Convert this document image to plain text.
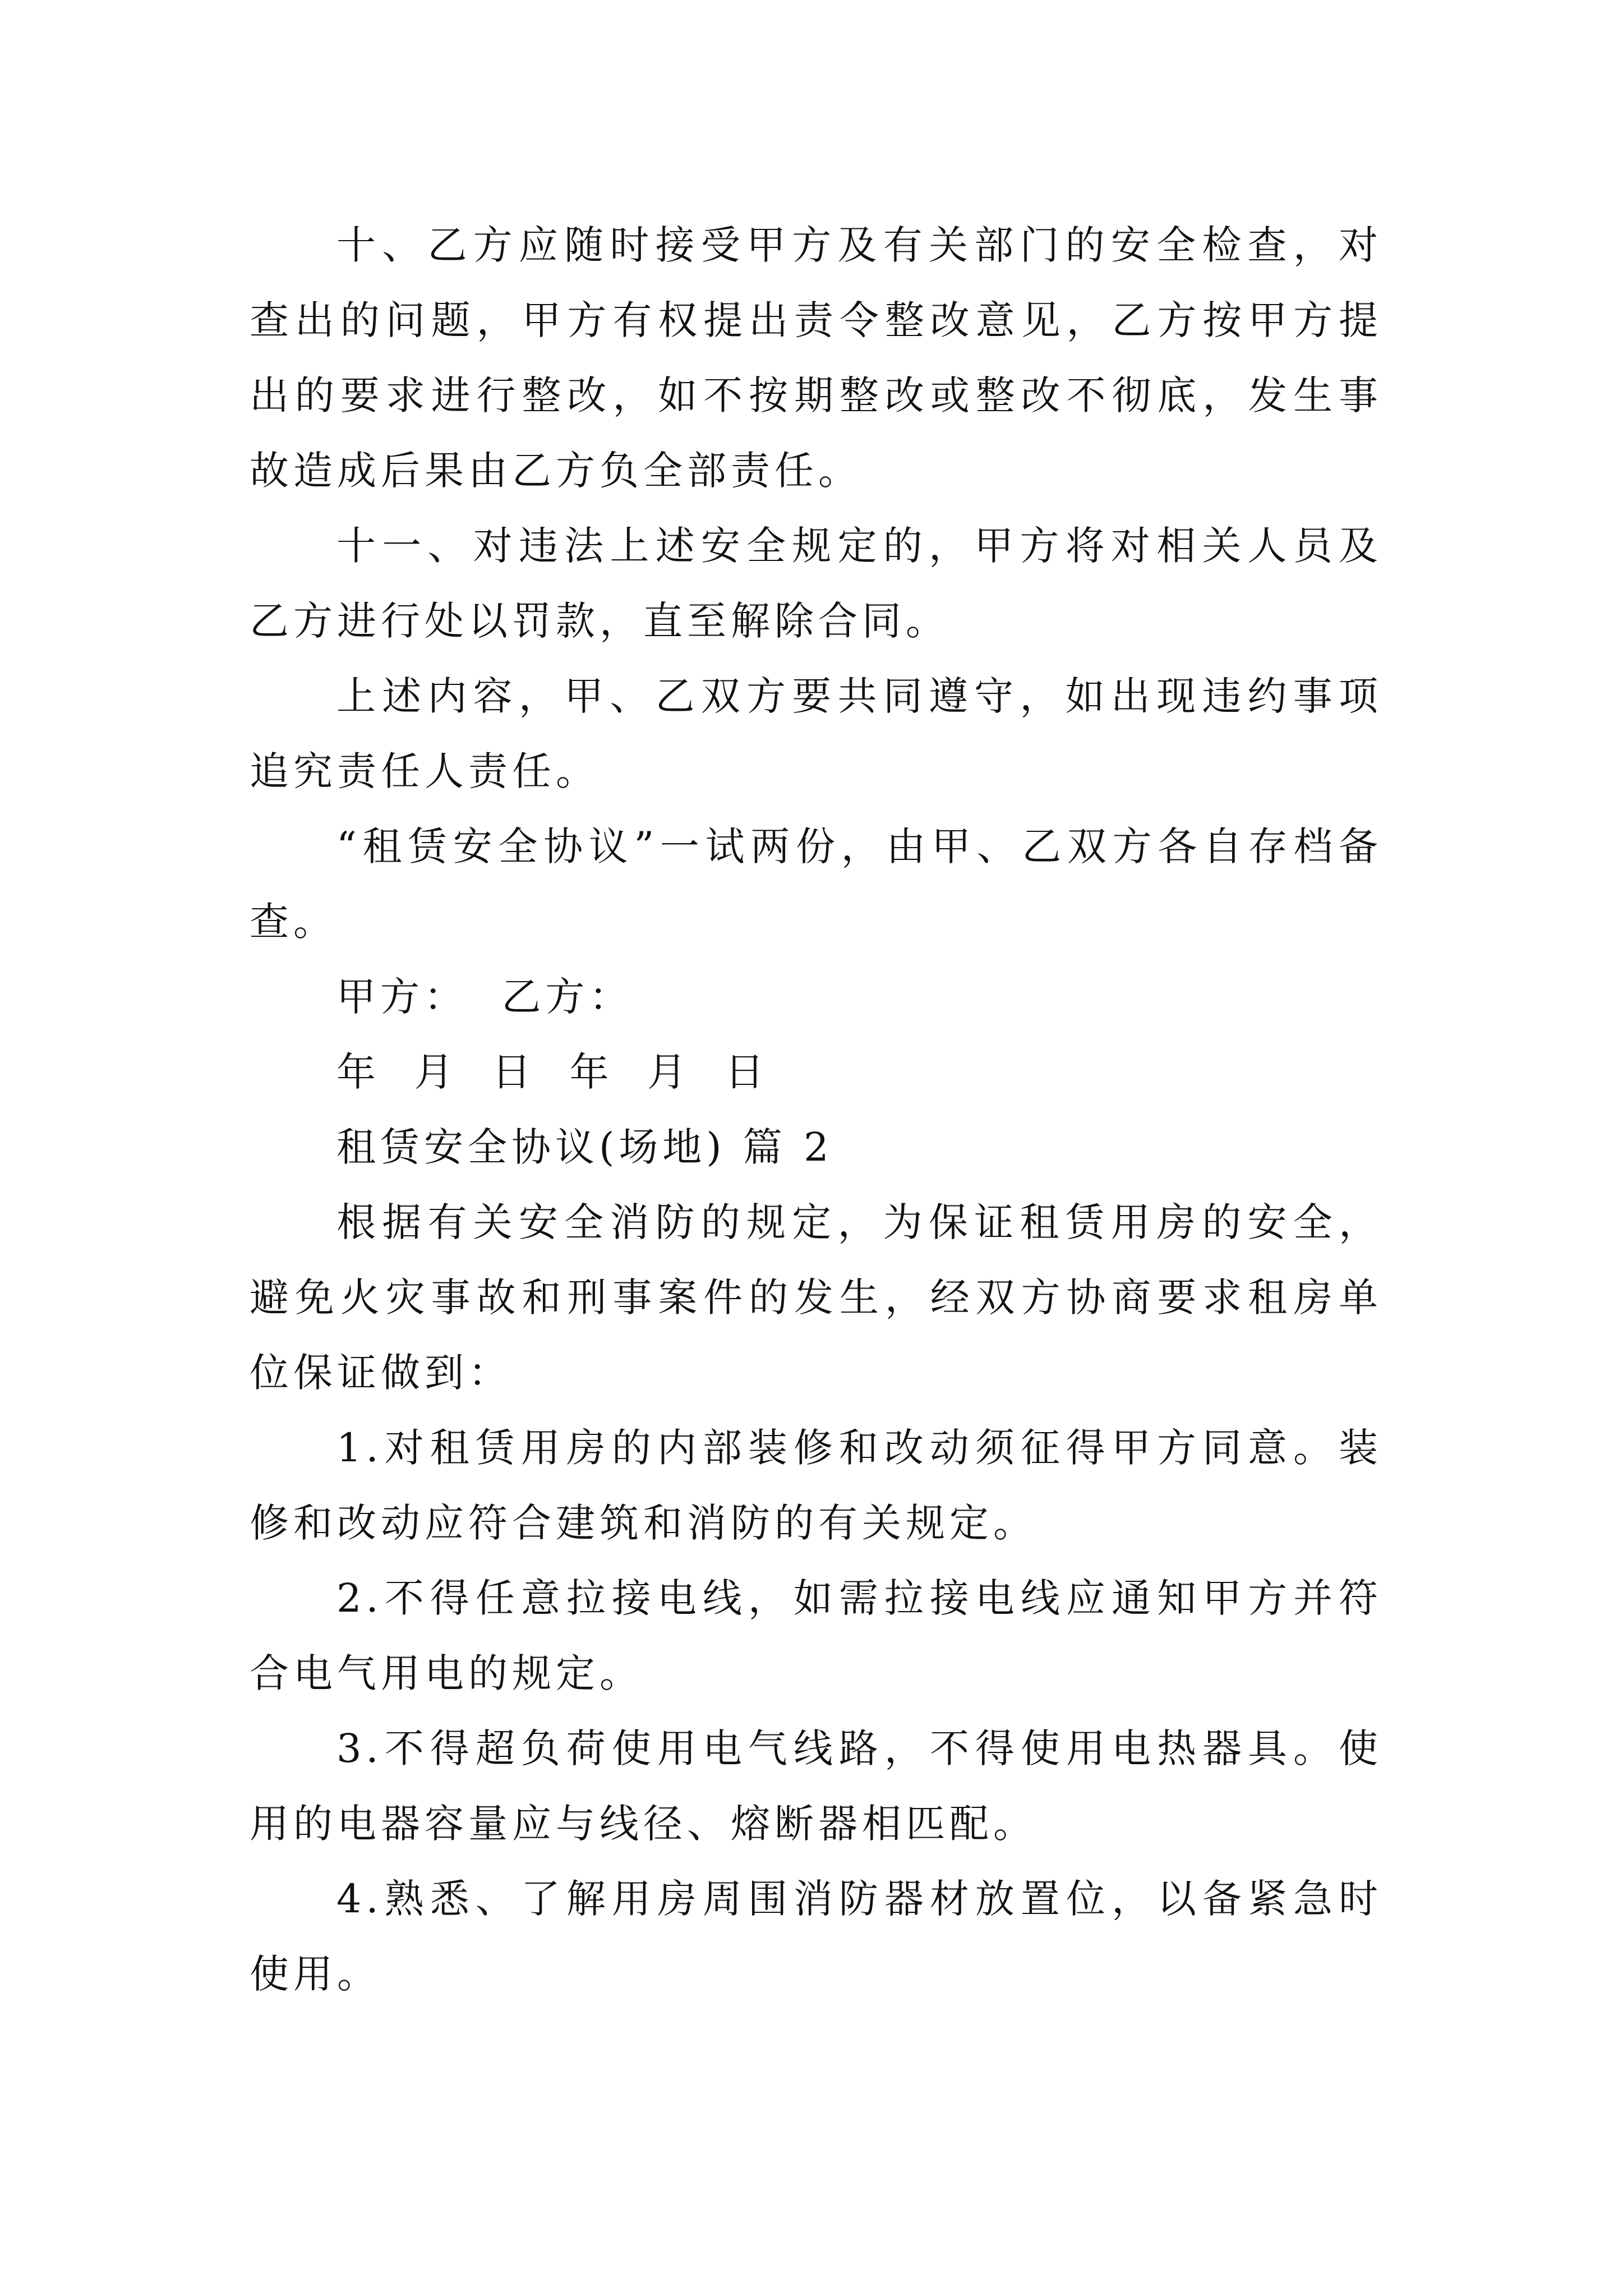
十、乙方应随时接受甲方及有关部门的安全检查，对查出的问题，甲方有权提出责令整改意见，乙方按甲方提出的要求进行整改，如不按期整改或整改不彻底，发生事故造成后果由乙方负全部责任。

十一、对违法上述安全规定的，甲方将对相关人员及乙方进行处以罚款，直至解除合同。

上述内容，甲、乙双方要共同遵守，如出现违约事项追究责任人责任。

“租赁安全协议”一试两份，由甲、乙双方各自存档备查。

甲方：  乙方：

年  月  日  年  月  日

租赁安全协议(场地) 篇 2

根据有关安全消防的规定，为保证租赁用房的安全，避免火灾事故和刑事案件的发生，经双方协商要求租房单位保证做到：

1.对租赁用房的内部装修和改动须征得甲方同意。装修和改动应符合建筑和消防的有关规定。

2.不得任意拉接电线，如需拉接电线应通知甲方并符合电气用电的规定。

3.不得超负荷使用电气线路，不得使用电热器具。使用的电器容量应与线径、熔断器相匹配。

4.熟悉、了解用房周围消防器材放置位，以备紧急时使用。
